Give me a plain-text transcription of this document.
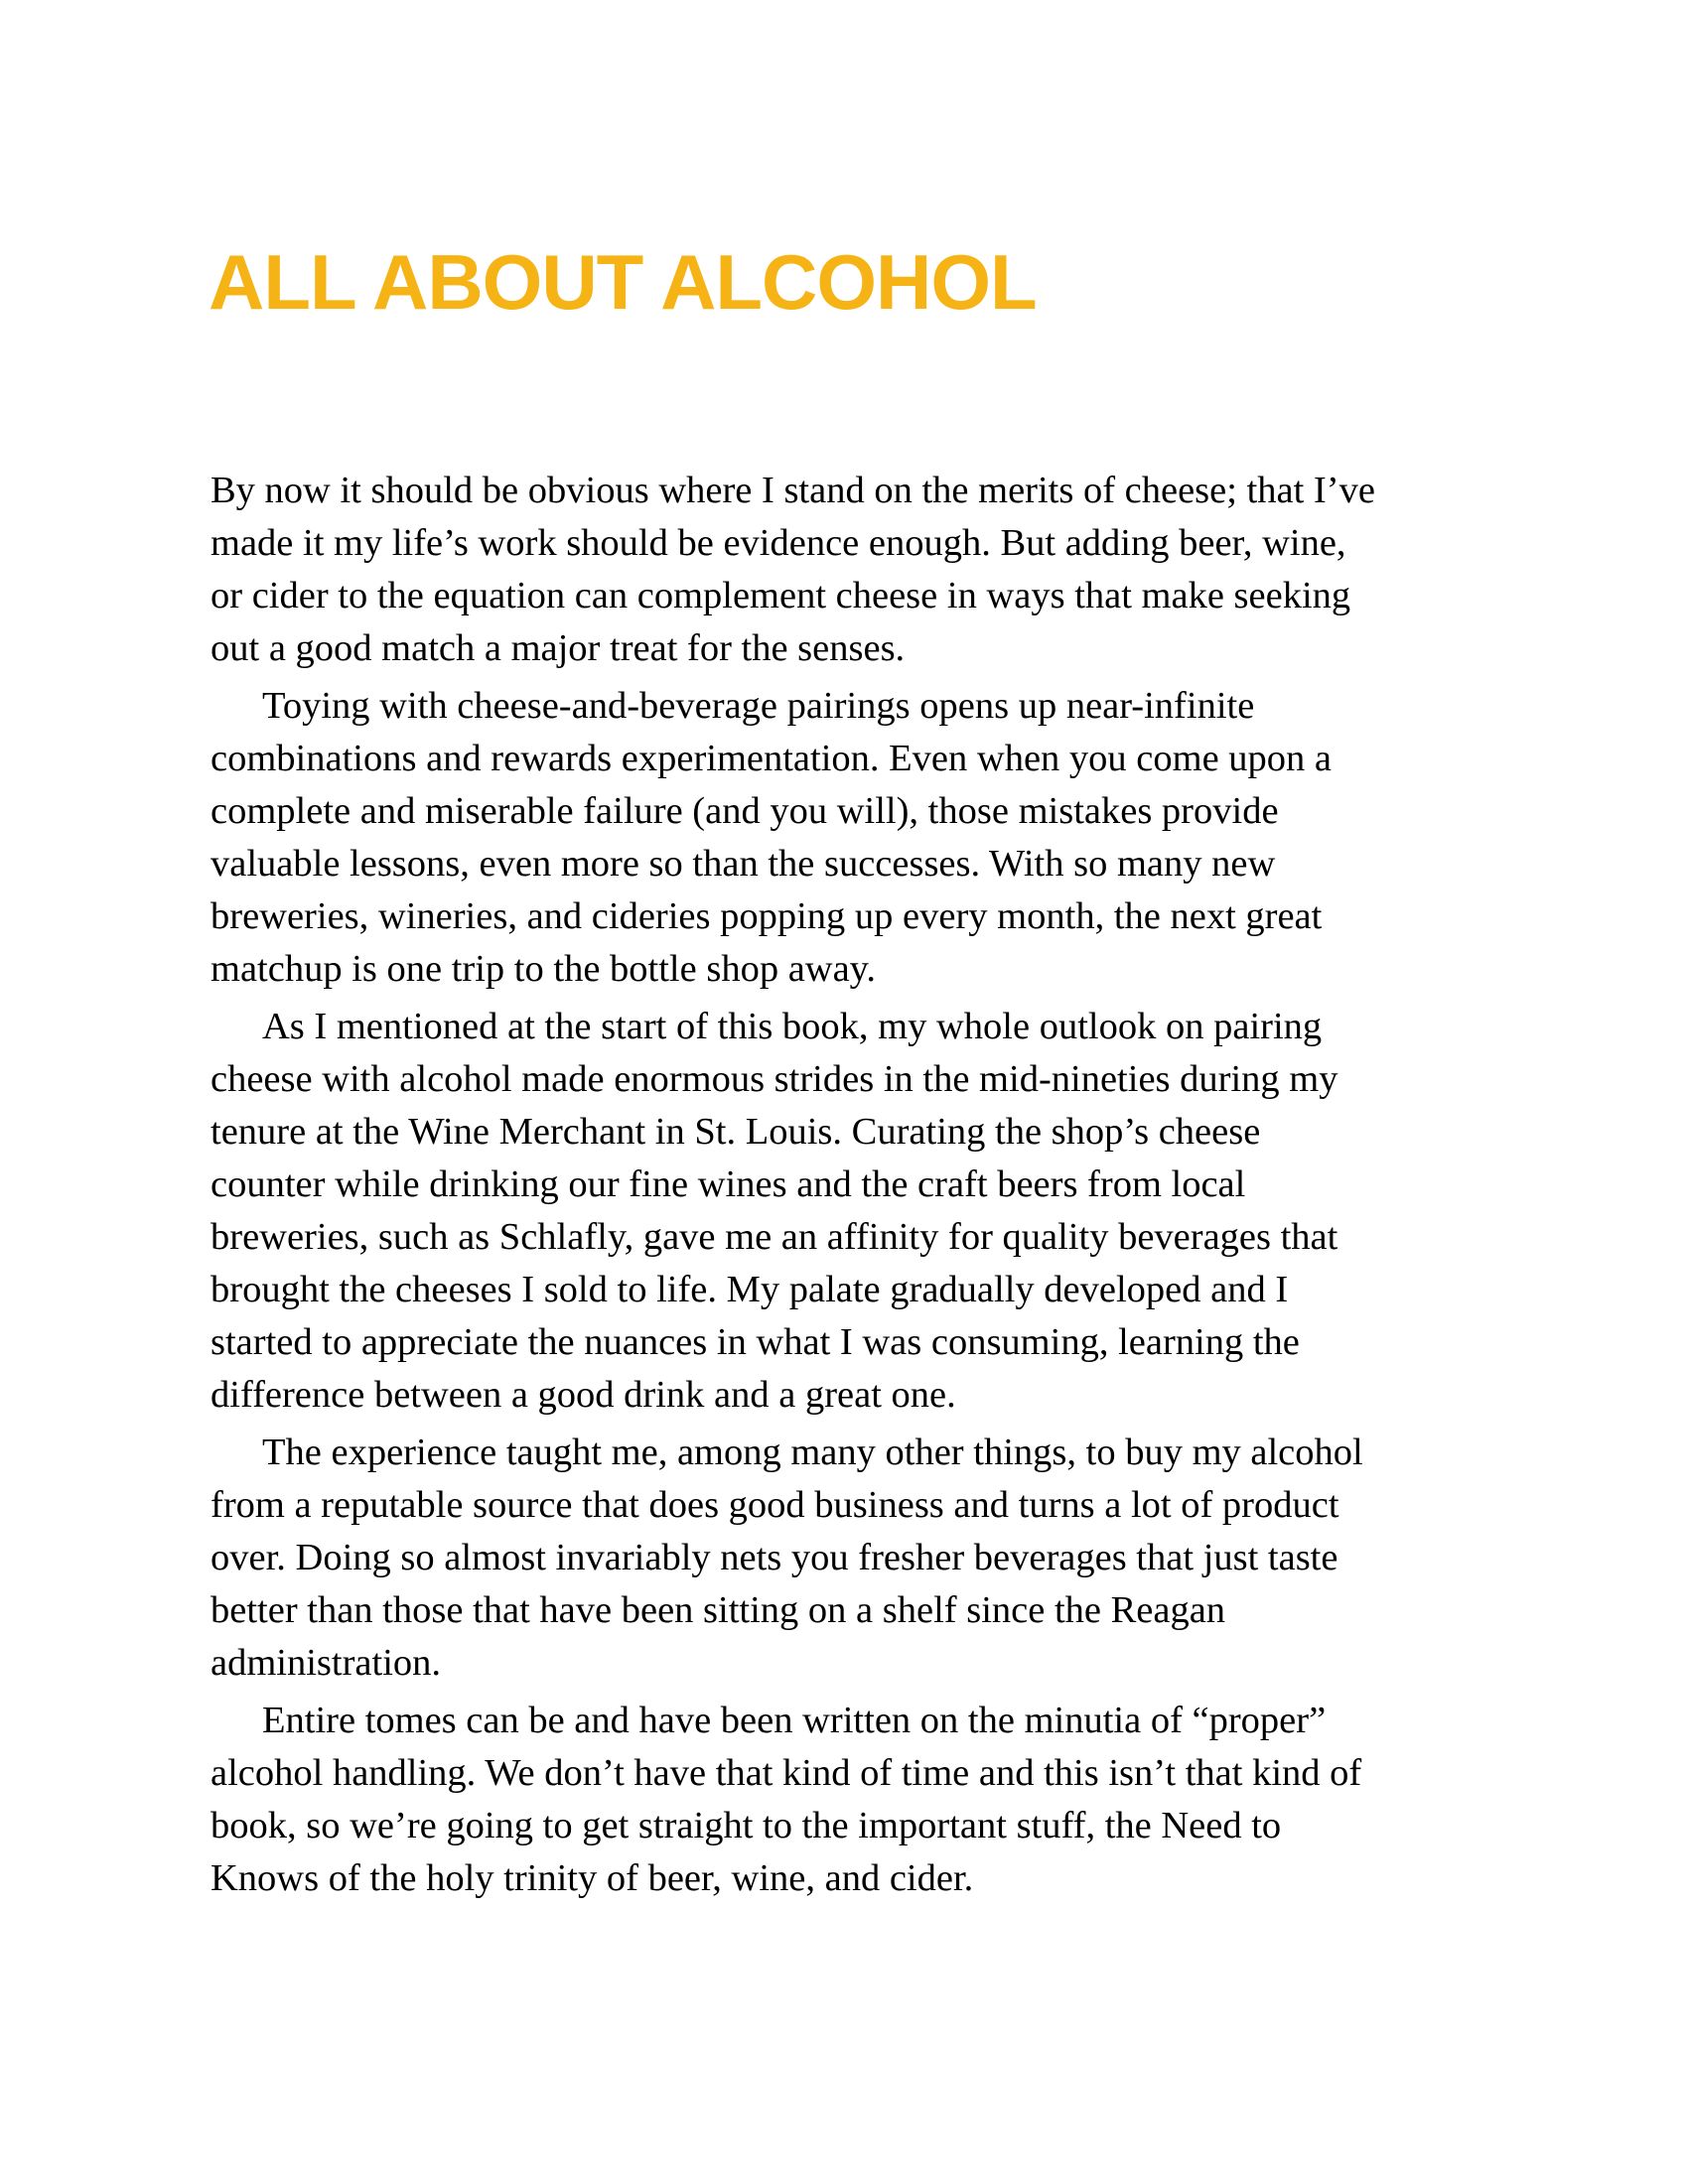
ALL ABOUT ALCOHOL

By now it should be obvious where I stand on the merits of cheese; that I’ve
made it my life’s work should be evidence enough. But adding beer, wine,
or cider to the equation can complement cheese in ways that make seeking
out a good match a major treat for the senses.

Toying with cheese-and-beverage pairings opens up near-infinite
combinations and rewards experimentation. Even when you come upon a
complete and miserable failure (and you will), those mistakes provide
valuable lessons, even more so than the successes. With so many new
breweries, wineries, and cideries popping up every month, the next great
matchup is one trip to the bottle shop away.

As I mentioned at the start of this book, my whole outlook on pairing
cheese with alcohol made enormous strides in the mid-nineties during my
tenure at the Wine Merchant in St. Louis. Curating the shop’s cheese
counter while drinking our fine wines and the craft beers from local
breweries, such as Schlafly, gave me an affinity for quality beverages that
brought the cheeses I sold to life. My palate gradually developed and I
started to appreciate the nuances in what I was consuming, learning the
difference between a good drink and a great one.

The experience taught me, among many other things, to buy my alcohol
from a reputable source that does good business and turns a lot of product
over. Doing so almost invariably nets you fresher beverages that just taste
better than those that have been sitting on a shelf since the Reagan
administration.

Entire tomes can be and have been written on the minutia of “proper”
alcohol handling. We don’t have that kind of time and this isn’t that kind of
book, so we’re going to get straight to the important stuff, the Need to
Knows of the holy trinity of beer, wine, and cider.
